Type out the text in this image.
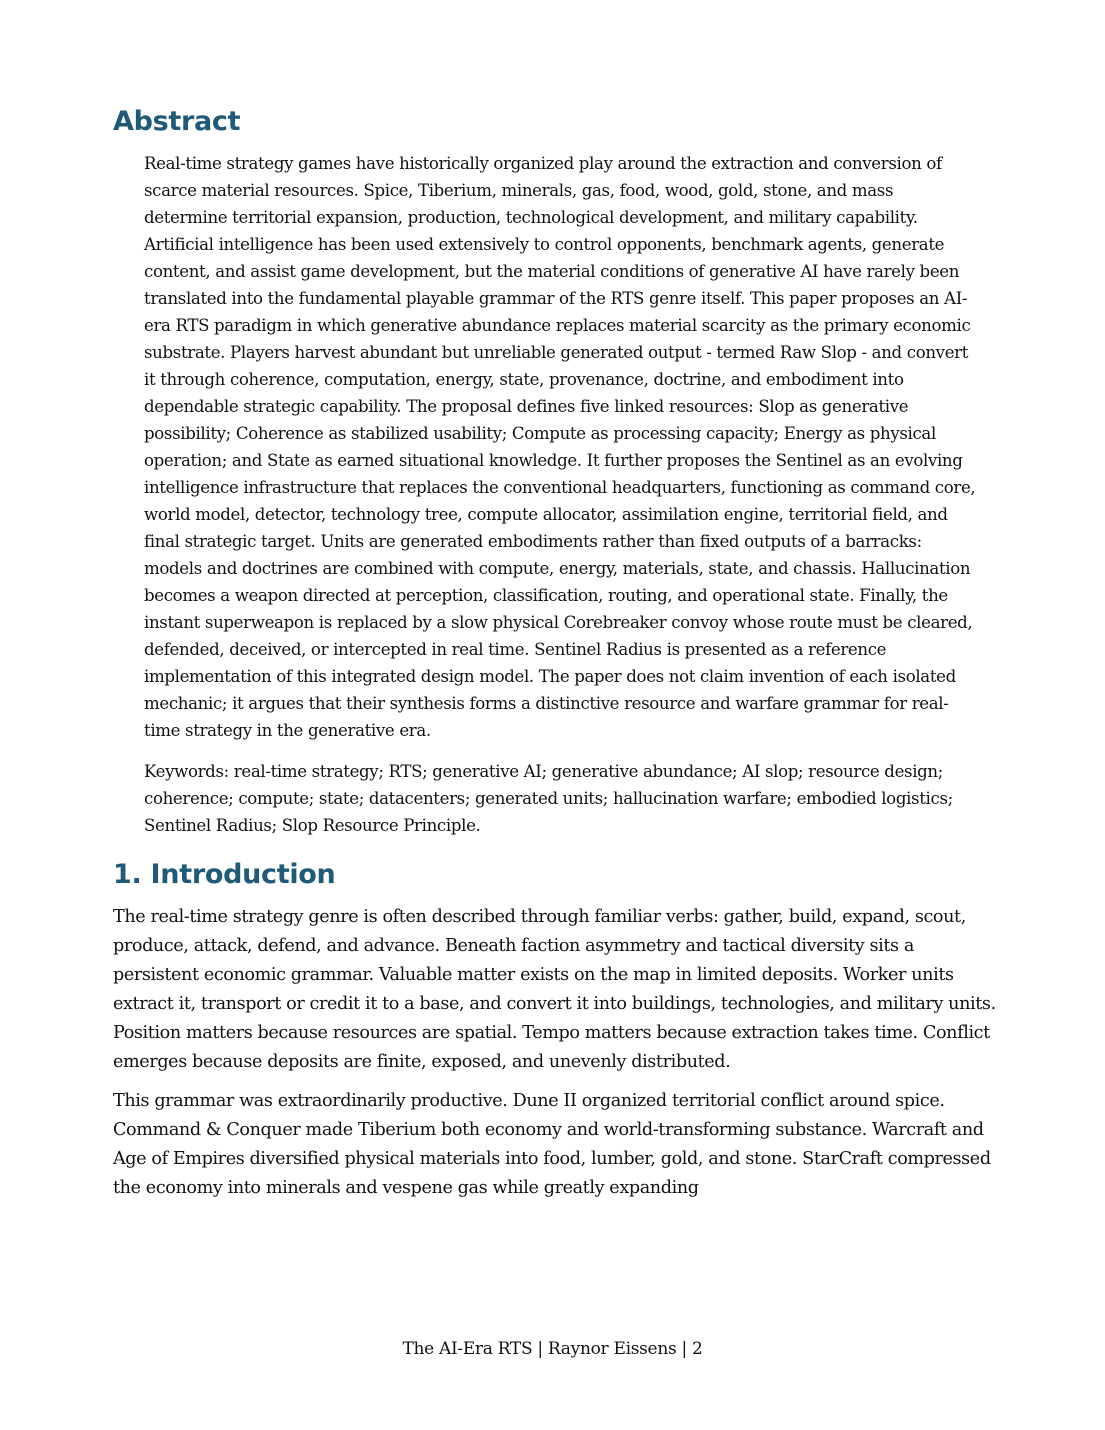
Abstract

Real-time strategy games have historically organized play around the extraction and conversion of scarce material resources. Spice, Tiberium, minerals, gas, food, wood, gold, stone, and mass determine territorial expansion, production, technological development, and military capability. Artificial intelligence has been used extensively to control opponents, benchmark agents, generate content, and assist game development, but the material conditions of generative AI have rarely been translated into the fundamental playable grammar of the RTS genre itself. This paper proposes an AI-era RTS paradigm in which generative abundance replaces material scarcity as the primary economic substrate. Players harvest abundant but unreliable generated output - termed Raw Slop - and convert it through coherence, computation, energy, state, provenance, doctrine, and embodiment into dependable strategic capability. The proposal defines five linked resources: Slop as generative possibility; Coherence as stabilized usability; Compute as processing capacity; Energy as physical operation; and State as earned situational knowledge. It further proposes the Sentinel as an evolving intelligence infrastructure that replaces the conventional headquarters, functioning as command core, world model, detector, technology tree, compute allocator, assimilation engine, territorial field, and final strategic target. Units are generated embodiments rather than fixed outputs of a barracks: models and doctrines are combined with compute, energy, materials, state, and chassis. Hallucination becomes a weapon directed at perception, classification, routing, and operational state. Finally, the instant superweapon is replaced by a slow physical Corebreaker convoy whose route must be cleared, defended, deceived, or intercepted in real time. Sentinel Radius is presented as a reference implementation of this integrated design model. The paper does not claim invention of each isolated mechanic; it argues that their synthesis forms a distinctive resource and warfare grammar for real-time strategy in the generative era.

Keywords: real-time strategy; RTS; generative AI; generative abundance; AI slop; resource design; coherence; compute; state; datacenters; generated units; hallucination warfare; embodied logistics; Sentinel Radius; Slop Resource Principle.

1. Introduction

The real-time strategy genre is often described through familiar verbs: gather, build, expand, scout, produce, attack, defend, and advance. Beneath faction asymmetry and tactical diversity sits a persistent economic grammar. Valuable matter exists on the map in limited deposits. Worker units extract it, transport or credit it to a base, and convert it into buildings, technologies, and military units. Position matters because resources are spatial. Tempo matters because extraction takes time. Conflict emerges because deposits are finite, exposed, and unevenly distributed.

This grammar was extraordinarily productive. Dune II organized territorial conflict around spice. Command & Conquer made Tiberium both economy and world-transforming substance. Warcraft and Age of Empires diversified physical materials into food, lumber, gold, and stone. StarCraft compressed the economy into minerals and vespene gas while greatly expanding

The AI-Era RTS | Raynor Eissens | 2
